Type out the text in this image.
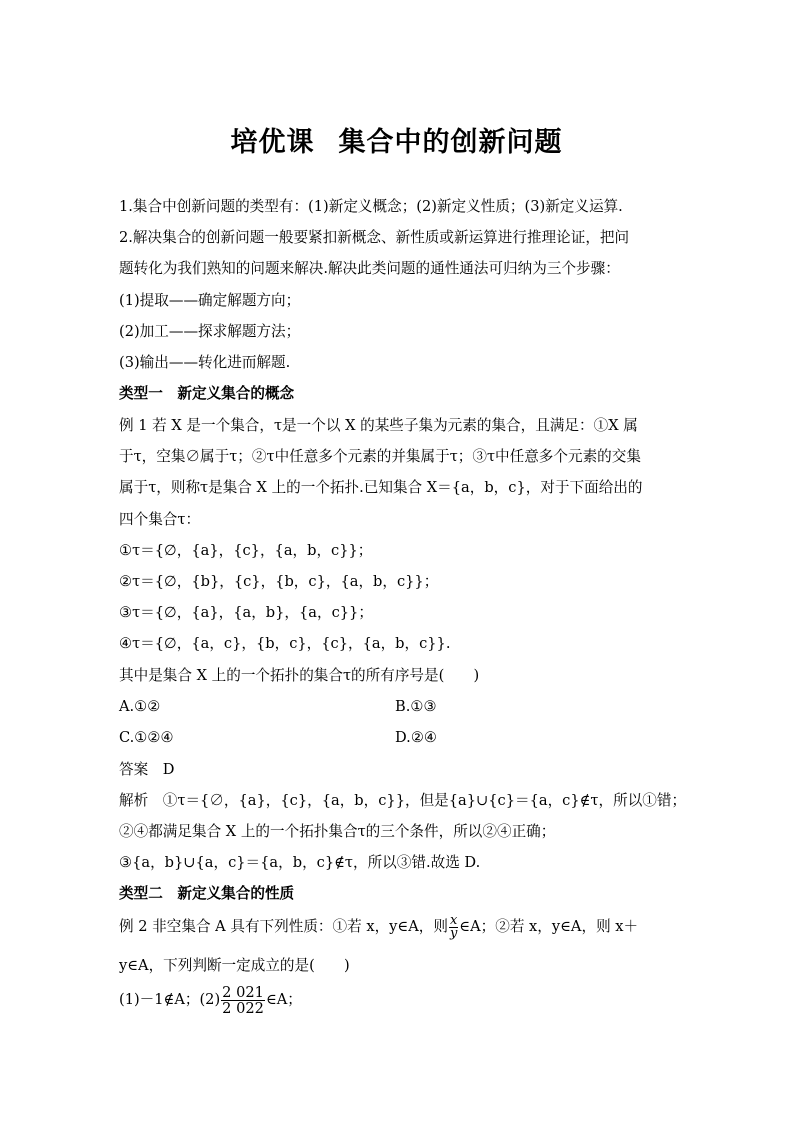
培优课 集合中的创新问题
1.集合中创新问题的类型有：(1)新定义概念；(2)新定义性质；(3)新定义运算.
2.解决集合的创新问题一般要紧扣新概念、新性质或新运算进行推理论证，把问
题转化为我们熟知的问题来解决.解决此类问题的通性通法可归纳为三个步骤：
(1)提取——确定解题方向；
(2)加工——探求解题方法；
(3)输出——转化进而解题.
类型一　新定义集合的概念
例 1 若 X 是一个集合，τ是一个以 X 的某些子集为元素的集合，且满足：①X 属
于τ，空集∅属于τ；②τ中任意多个元素的并集属于τ；③τ中任意多个元素的交集
属于τ，则称τ是集合 X 上的一个拓扑.已知集合 X＝{a，b，c}，对于下面给出的
四个集合τ：
①τ＝{∅，{a}，{c}，{a，b，c}}；
②τ＝{∅，{b}，{c}，{b，c}，{a，b，c}}；
③τ＝{∅，{a}，{a，b}，{a，c}}；
④τ＝{∅，{a，c}，{b，c}，{c}，{a，b，c}}.
其中是集合 X 上的一个拓扑的集合τ的所有序号是(　　)
A.①②	B.①③
C.①②④	D.②④
答案　D
解析　①τ＝{∅，{a}，{c}，{a，b，c}}，但是{a}∪{c}＝{a，c}∉τ，所以①错；
②④都满足集合 X 上的一个拓扑集合τ的三个条件，所以②④正确；
③{a，b}∪{a，c}＝{a，b，c}∉τ，所以③错.故选 D.
类型二　新定义集合的性质
例 2 非空集合 A 具有下列性质：①若 x，y∈A，则 $\frac{x}{y}$ ∈A；②若 x，y∈A，则 x＋
y∈A，下列判断一定成立的是(　　)
(1)－1∉A；$(2) \frac{2 021}{2 022}$ ∈A；
